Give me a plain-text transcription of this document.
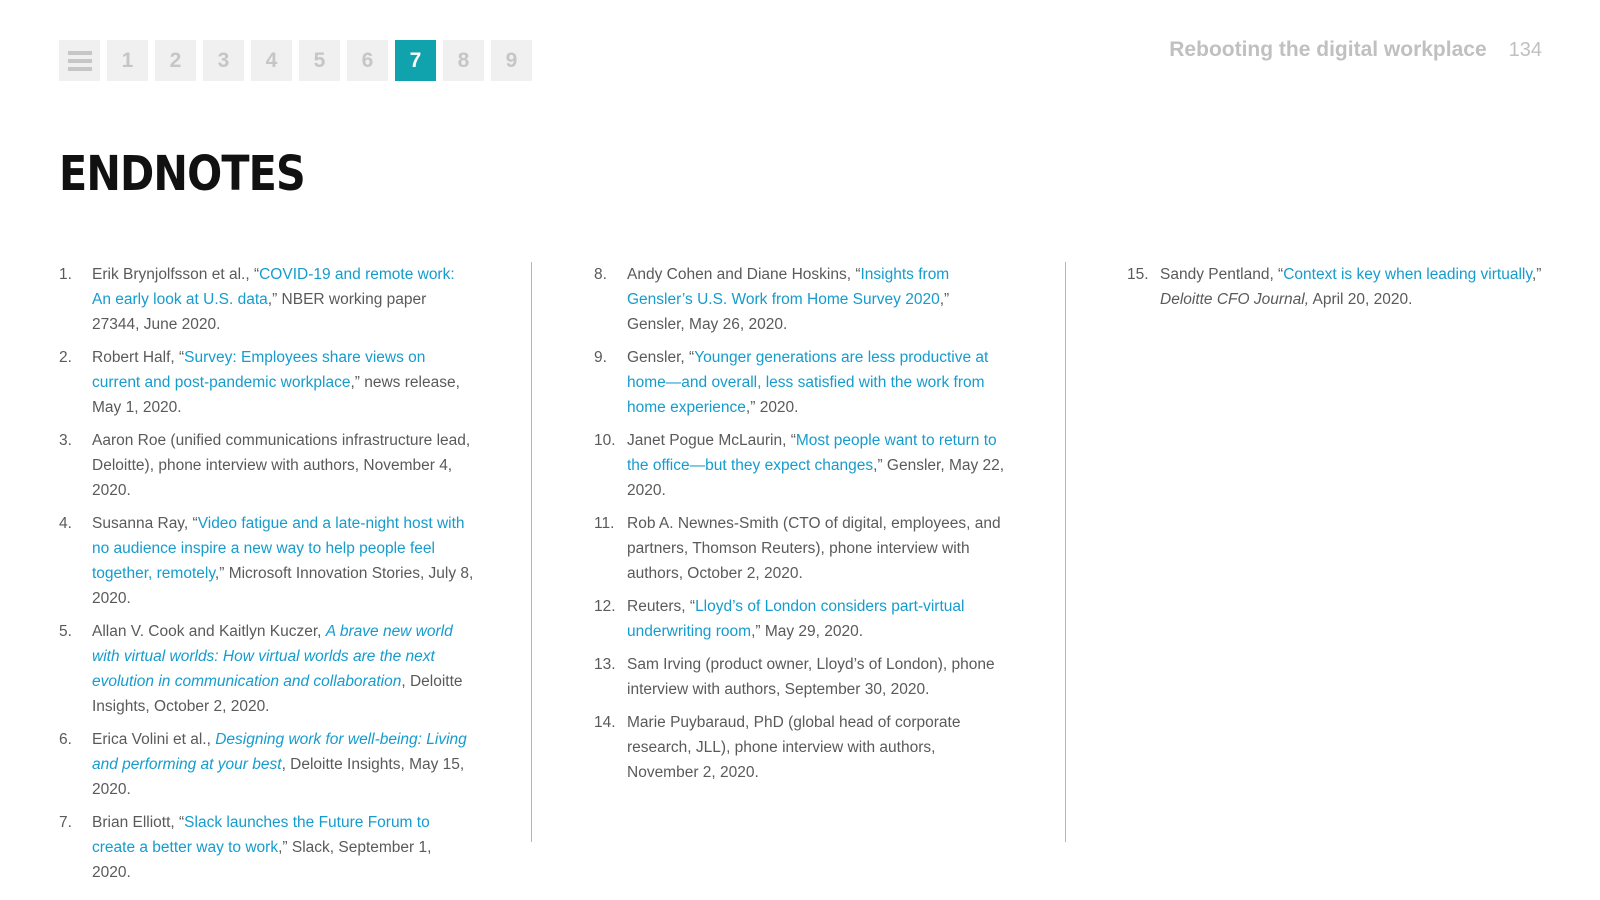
1	2	3	4	5	6	7	8	9	Rebooting the digital workplace 134
ENDNOTES
1.	Erik Brynjolfsson et al., “COVID-19 and remote work: An early look at U.S. data,” NBER working paper 27344, June 2020.
2.	Robert Half, “Survey: Employees share views on current and post-pandemic workplace,” news release, May 1, 2020.
3.	Aaron Roe (unified communications infrastructure lead, Deloitte), phone interview with authors, November 4, 2020.
4.	Susanna Ray, “Video fatigue and a late-night host with no audience inspire a new way to help people feel together, remotely,” Microsoft Innovation Stories, July 8, 2020.
5.	Allan V. Cook and Kaitlyn Kuczer, A brave new world with virtual worlds: How virtual worlds are the next evolution in communication and collaboration, Deloitte Insights, October 2, 2020.
6.	Erica Volini et al., Designing work for well-being: Living and performing at your best, Deloitte Insights, May 15, 2020.
7.	Brian Elliott, “Slack launches the Future Forum to create a better way to work,” Slack, September 1, 2020.
8.	Andy Cohen and Diane Hoskins, “Insights from Gensler’s U.S. Work from Home Survey 2020,” Gensler, May 26, 2020.
9.	Gensler, “Younger generations are less productive at home—and overall, less satisfied with the work from home experience,” 2020.
10. Janet Pogue McLaurin, “Most people want to return to the office—but they expect changes,” Gensler, May 22, 2020.
11. Rob A. Newnes-Smith (CTO of digital, employees, and partners, Thomson Reuters), phone interview with authors, October 2, 2020.
12. Reuters, “Lloyd’s of London considers part-virtual underwriting room,” May 29, 2020.
13. Sam Irving (product owner, Lloyd’s of London), phone interview with authors, September 30, 2020.
14. Marie Puybaraud, PhD (global head of corporate research, JLL), phone interview with authors, November 2, 2020.
15. Sandy Pentland, “Context is key when leading virtually,” Deloitte CFO Journal, April 20, 2020.
